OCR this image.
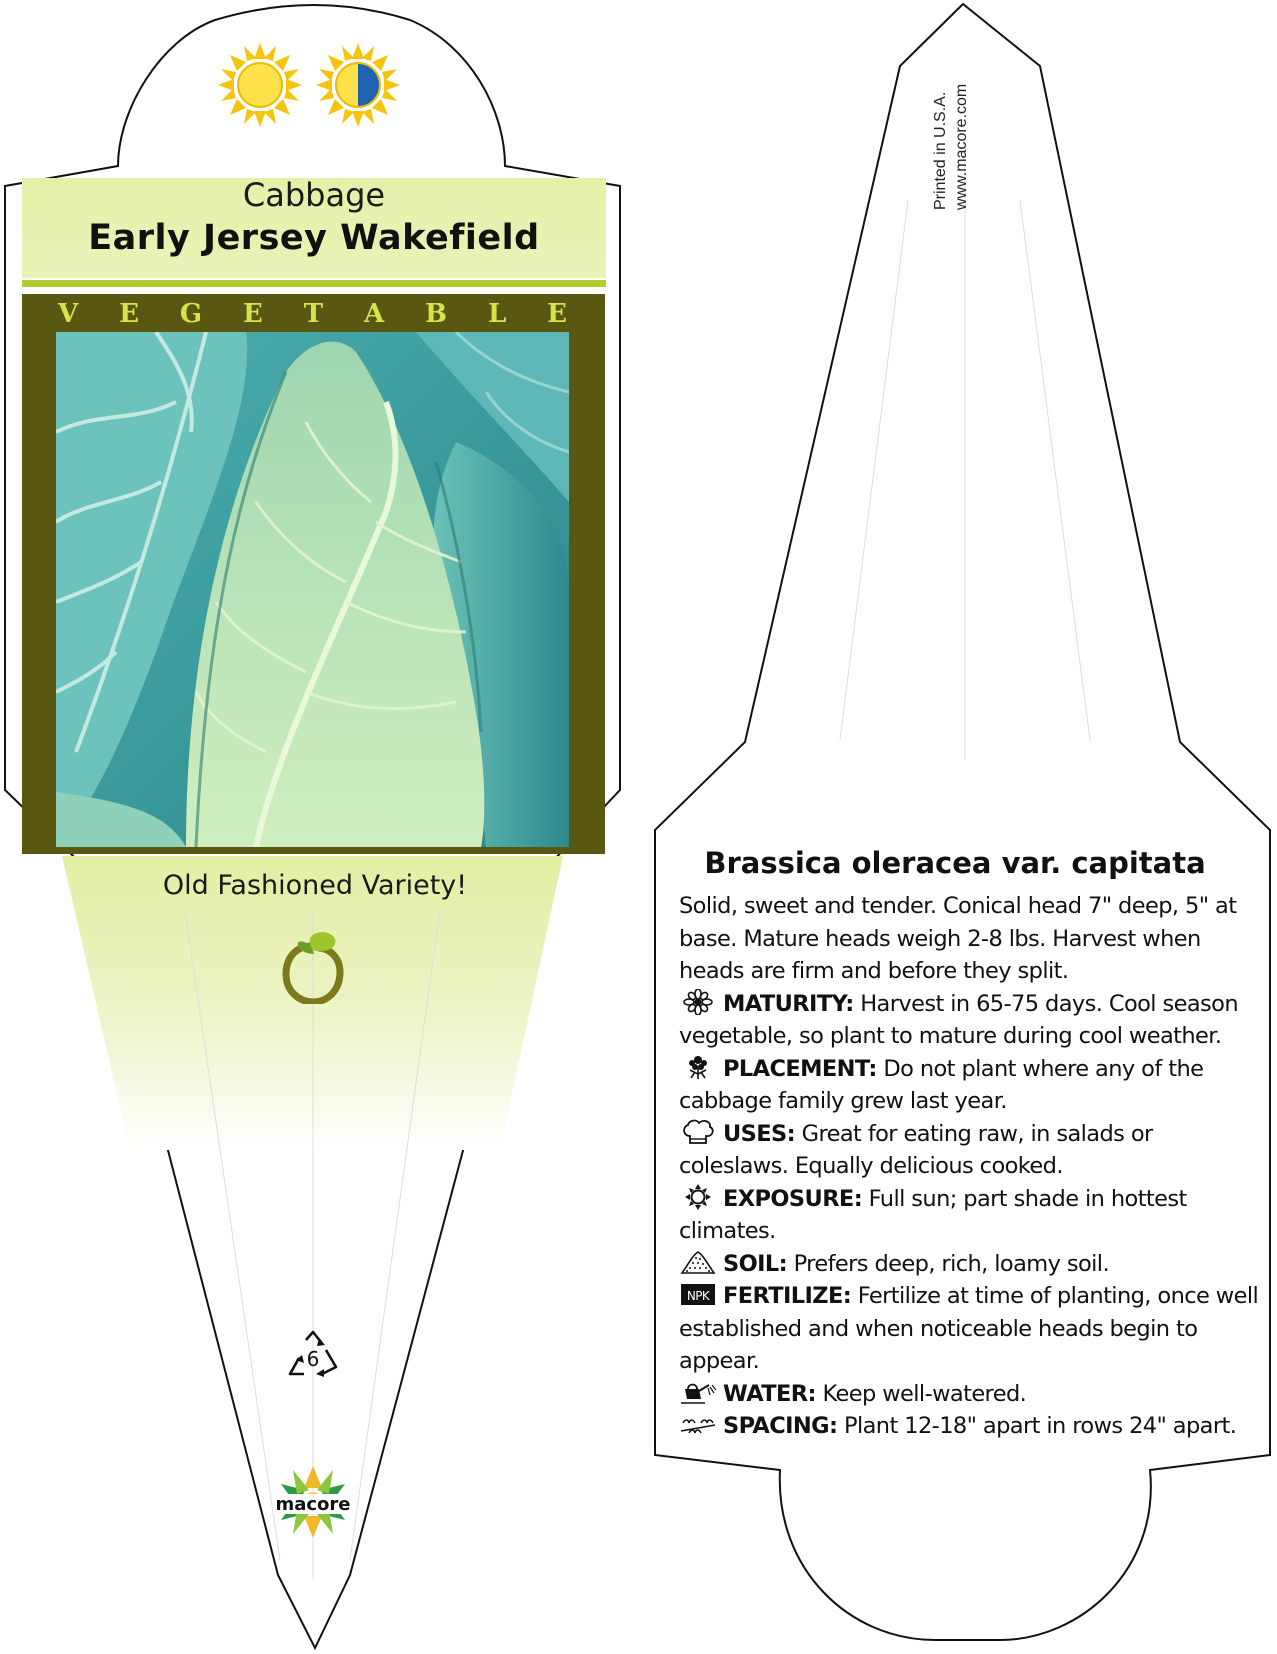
Cabbage
Early Jersey Wakefield
V E G E T A B L E
Old Fashioned Variety!
6
macore
Printed in U.S.A. www.macore.com
Brassica oleracea var. capitata

Solid, sweet and tender. Conical head 7" deep, 5" at base. Mature heads weigh 2-8 lbs. Harvest when heads are firm and before they split.

MATURITY: Harvest in 65-75 days. Cool season vegetable, so plant to mature during cool weather.

PLACEMENT: Do not plant where any of the cabbage family grew last year.

USES: Great for eating raw, in salads or coleslaws. Equally delicious cooked.

EXPOSURE: Full sun; part shade in hottest climates.

SOIL: Prefers deep, rich, loamy soil.

NPK FERTILIZE: Fertilize at time of planting, once well established and when noticeable heads begin to appear.

WATER: Keep well-watered.

SPACING: Plant 12-18" apart in rows 24" apart.
